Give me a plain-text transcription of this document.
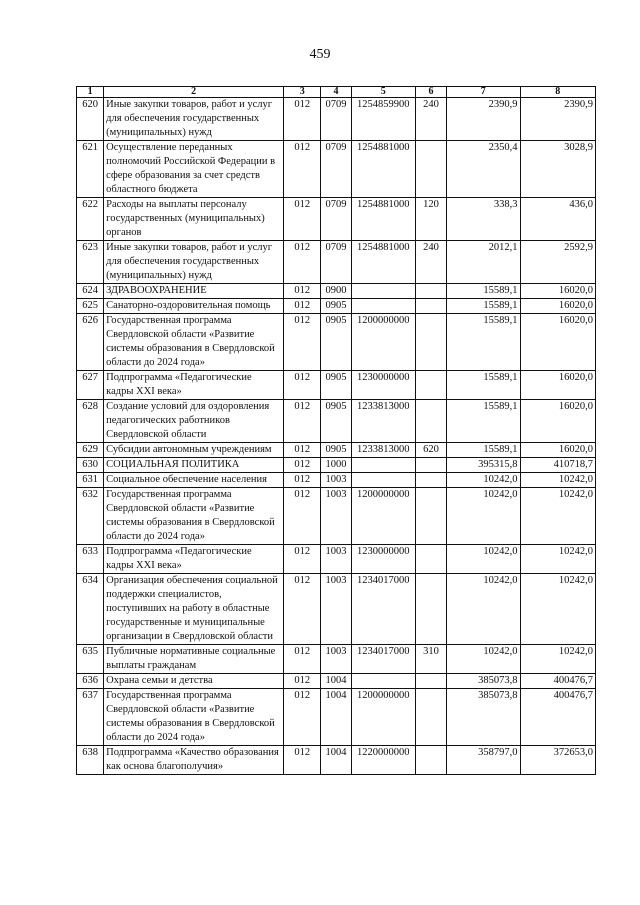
459
1	2	3	4	5	6	7	8
620	Иные закупки товаров, работ и услуг для обеспечения государственных (муниципальных) нужд	012	0709	1254859900	240	2390,9	2390,9
621	Осуществление переданных полномочий Российской Федерации в сфере образования за счет средств областного бюджета	012	0709	1254881000		2350,4	3028,9
622	Расходы на выплаты персоналу государственных (муниципальных) органов	012	0709	1254881000	120	338,3	436,0
623	Иные закупки товаров, работ и услуг для обеспечения государственных (муниципальных) нужд	012	0709	1254881000	240	2012,1	2592,9
624	ЗДРАВООХРАНЕНИЕ	012	0900			15589,1	16020,0
625	Санаторно-оздоровительная помощь	012	0905			15589,1	16020,0
626	Государственная программа Свердловской области «Развитие системы образования в Свердловской области до 2024 года»	012	0905	1200000000		15589,1	16020,0
627	Подпрограмма «Педагогические кадры XXI века»	012	0905	1230000000		15589,1	16020,0
628	Создание условий для оздоровления педагогических работников Свердловской области	012	0905	1233813000		15589,1	16020,0
629	Субсидии автономным учреждениям	012	0905	1233813000	620	15589,1	16020,0
630	СОЦИАЛЬНАЯ ПОЛИТИКА	012	1000			395315,8	410718,7
631	Социальное обеспечение населения	012	1003			10242,0	10242,0
632	Государственная программа Свердловской области «Развитие системы образования в Свердловской области до 2024 года»	012	1003	1200000000		10242,0	10242,0
633	Подпрограмма «Педагогические кадры XXI века»	012	1003	1230000000		10242,0	10242,0
634	Организация обеспечения социальной поддержки специалистов, поступивших на работу в областные государственные и муниципальные организации в Свердловской области	012	1003	1234017000		10242,0	10242,0
635	Публичные нормативные социальные выплаты гражданам	012	1003	1234017000	310	10242,0	10242,0
636	Охрана семьи и детства	012	1004			385073,8	400476,7
637	Государственная программа Свердловской области «Развитие системы образования в Свердловской области до 2024 года»	012	1004	1200000000		385073,8	400476,7
638	Подпрограмма «Качество образования как основа благополучия»	012	1004	1220000000		358797,0	372653,0
